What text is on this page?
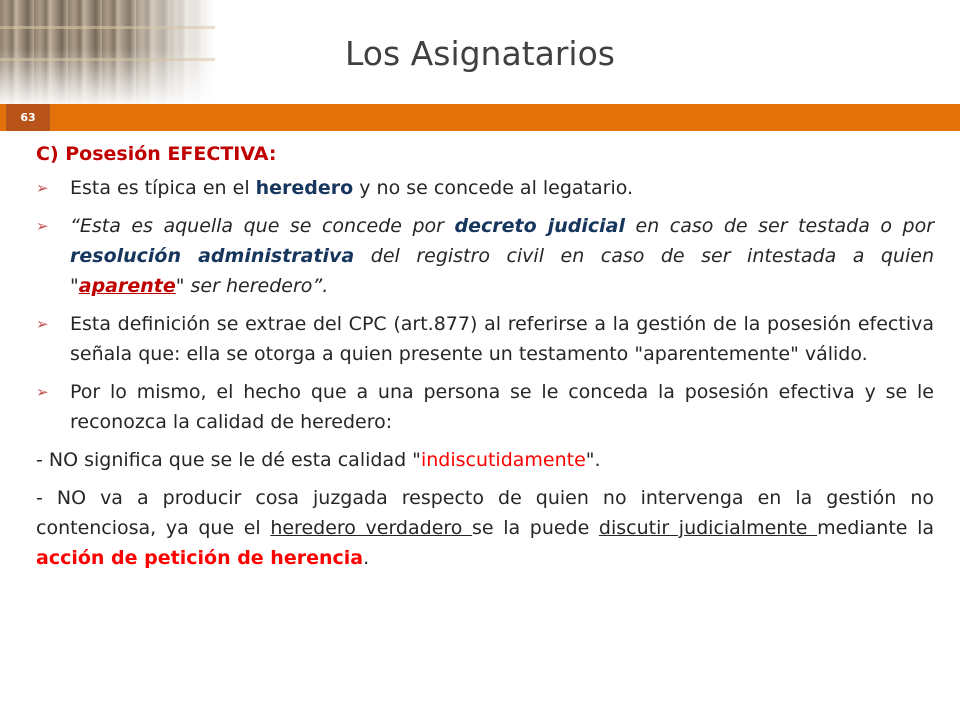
Los Asignatarios
63
C) Posesión EFECTIVA:
➢ Esta es típica en el heredero y no se concede al legatario.
➢ “Esta es aquella que se concede por decreto judicial en caso de ser testada o por resolución administrativa del registro civil en caso de ser intestada a quien "aparente" ser heredero”.
➢ Esta definición se extrae del CPC (art.877) al referirse a la gestión de la posesión efectiva señala que: ella se otorga a quien presente un testamento "aparentemente" válido.
➢ Por lo mismo, el hecho que a una persona se le conceda la posesión efectiva y se le reconozca la calidad de heredero:
- NO significa que se le dé esta calidad "indiscutidamente".
- NO va a producir cosa juzgada respecto de quien no intervenga en la gestión no contenciosa, ya que el heredero verdadero se la puede discutir judicialmente mediante la acción de petición de herencia.
